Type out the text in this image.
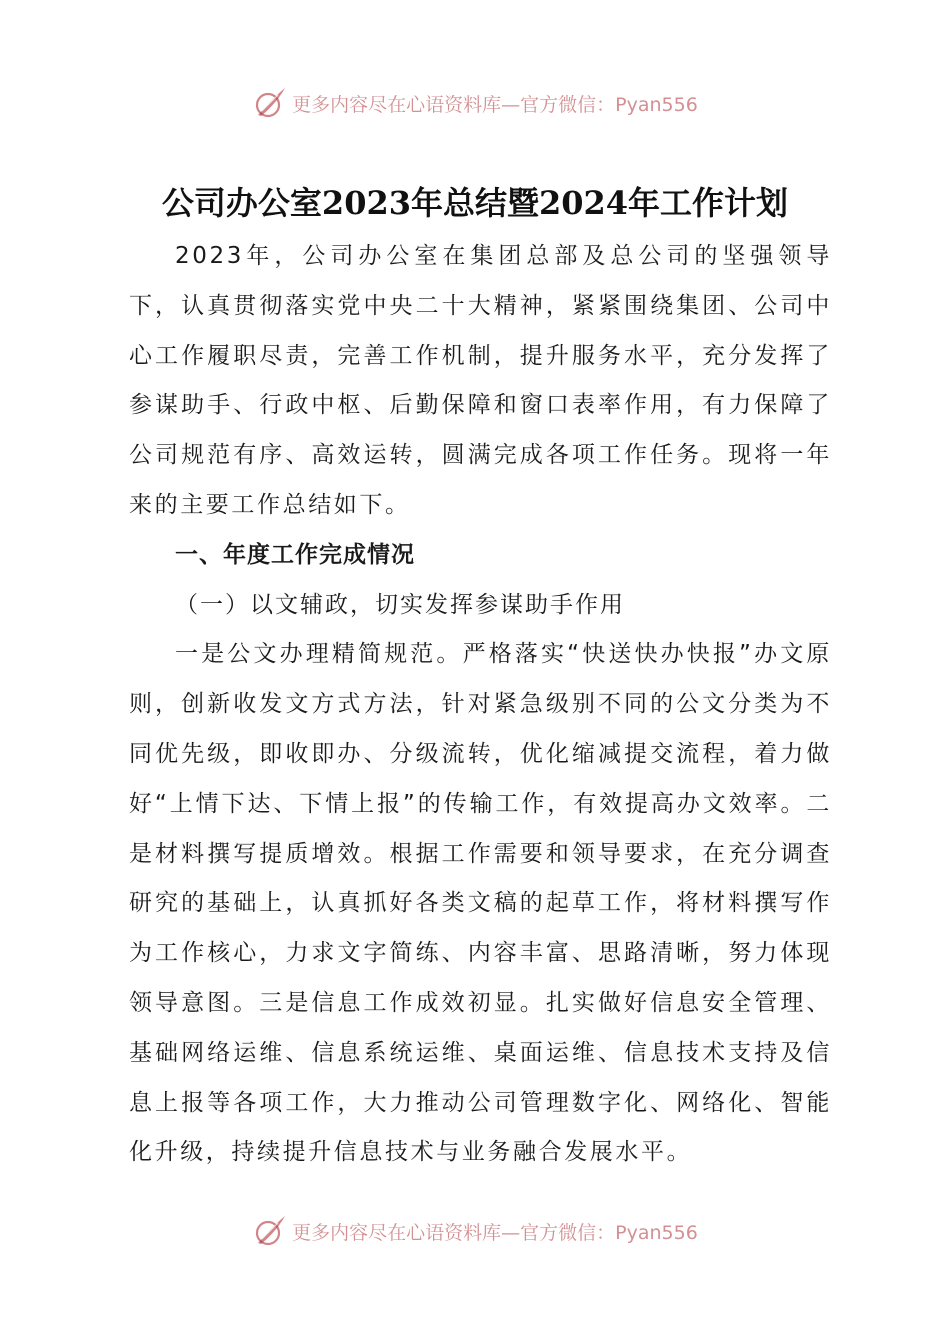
更多内容尽在心语资料库—官方微信：Pyan556
公司办公室2023年总结暨2024年工作计划

2023年，公司办公室在集团总部及总公司的坚强领导下，认真贯彻落实党中央二十大精神，紧紧围绕集团、公司中心工作履职尽责，完善工作机制，提升服务水平，充分发挥了参谋助手、行政中枢、后勤保障和窗口表率作用，有力保障了公司规范有序、高效运转，圆满完成各项工作任务。现将一年来的主要工作总结如下。

一、年度工作完成情况

（一）以文辅政，切实发挥参谋助手作用

一是公文办理精简规范。严格落实“快送快办快报”办文原则，创新收发文方式方法，针对紧急级别不同的公文分类为不同优先级，即收即办、分级流转，优化缩减提交流程，着力做好“上情下达、下情上报”的传输工作，有效提高办文效率。二是材料撰写提质增效。根据工作需要和领导要求，在充分调查研究的基础上，认真抓好各类文稿的起草工作，将材料撰写作为工作核心，力求文字简练、内容丰富、思路清晰，努力体现领导意图。三是信息工作成效初显。扎实做好信息安全管理、基础网络运维、信息系统运维、桌面运维、信息技术支持及信息上报等各项工作，大力推动公司管理数字化、网络化、智能化升级，持续提升信息技术与业务融合发展水平。

更多内容尽在心语资料库—官方微信：Pyan556
